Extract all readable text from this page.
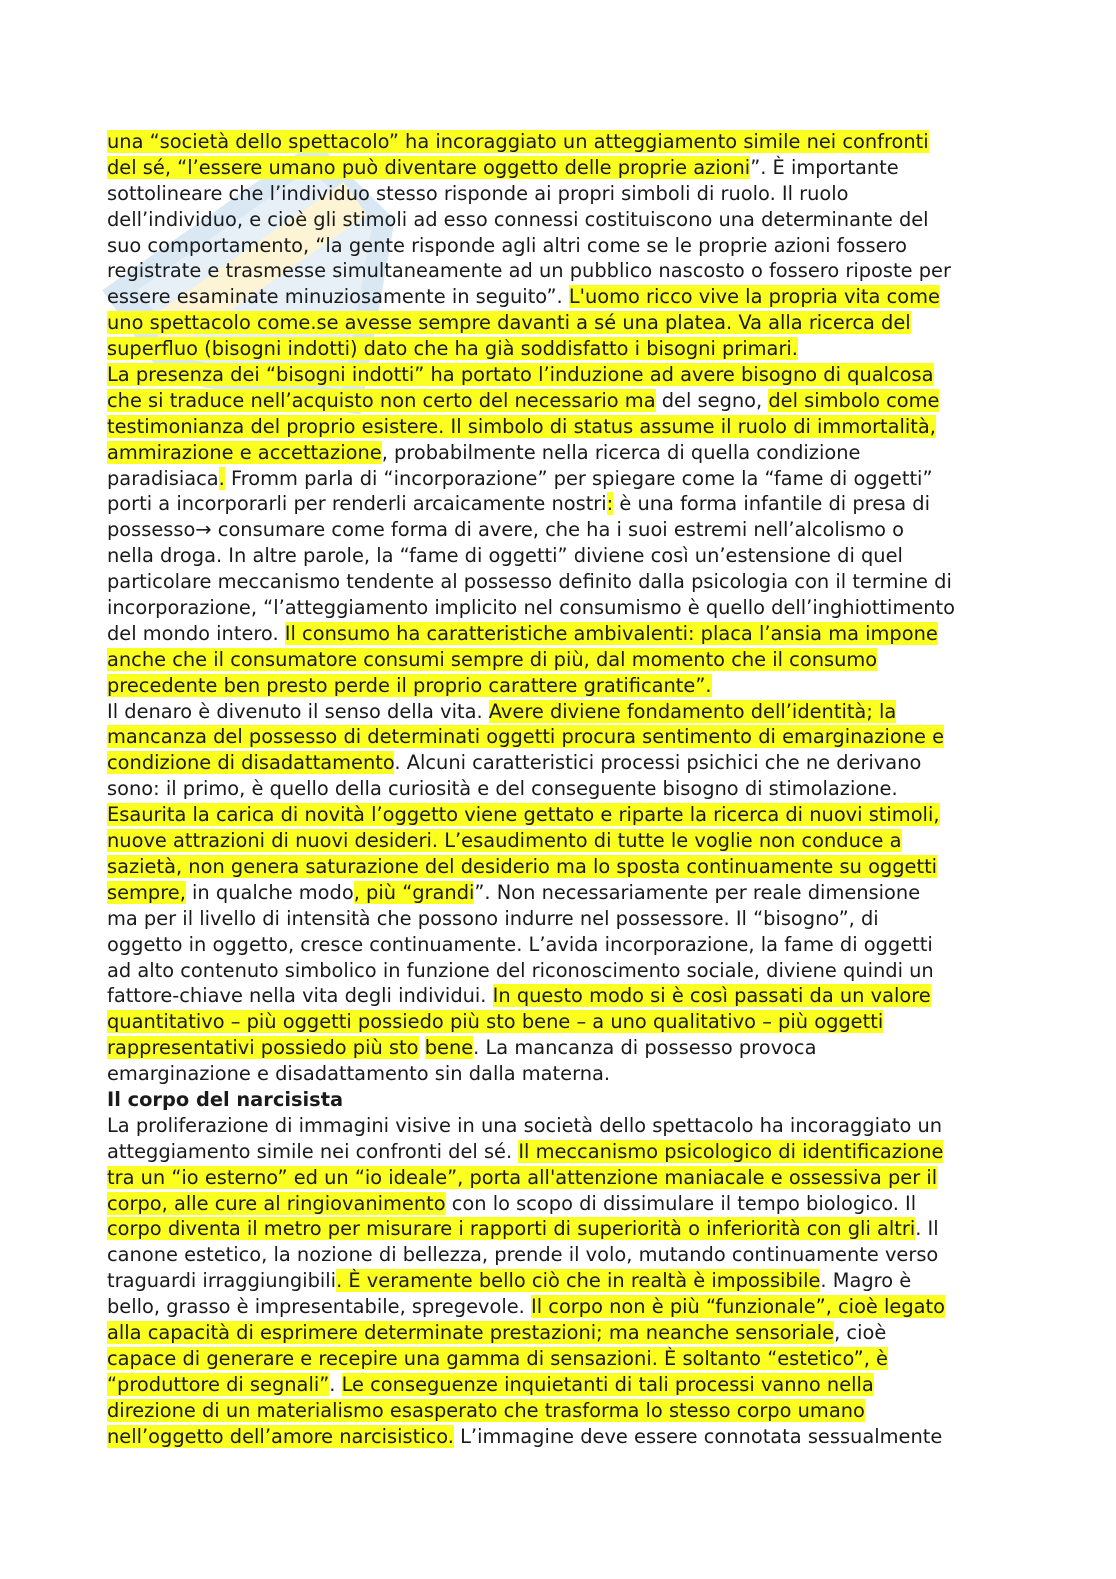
una “società dello spettacolo” ha incoraggiato un atteggiamento simile nei confronti
del sé, “l’essere umano può diventare oggetto delle proprie azioni”. È importante
sottolineare che l’individuo stesso risponde ai propri simboli di ruolo. Il ruolo
dell’individuo, e cioè gli stimoli ad esso connessi costituiscono una determinante del
suo comportamento, “la gente risponde agli altri come se le proprie azioni fossero
registrate e trasmesse simultaneamente ad un pubblico nascosto o fossero riposte per
essere esaminate minuziosamente in seguito”. L'uomo ricco vive la propria vita come
uno spettacolo come.se avesse sempre davanti a sé una platea. Va alla ricerca del
superfluo (bisogni indotti) dato che ha già soddisfatto i bisogni primari.
La presenza dei “bisogni indotti” ha portato l’induzione ad avere bisogno di qualcosa
che si traduce nell’acquisto non certo del necessario ma del segno, del simbolo come
testimonianza del proprio esistere. Il simbolo di status assume il ruolo di immortalità,
ammirazione e accettazione, probabilmente nella ricerca di quella condizione
paradisiaca. Fromm parla di “incorporazione” per spiegare come la “fame di oggetti”
porti a incorporarli per renderli arcaicamente nostri: è una forma infantile di presa di
possesso→ consumare come forma di avere, che ha i suoi estremi nell’alcolismo o
nella droga. In altre parole, la “fame di oggetti” diviene così un’estensione di quel
particolare meccanismo tendente al possesso definito dalla psicologia con il termine di
incorporazione, “l’atteggiamento implicito nel consumismo è quello dell’inghiottimento
del mondo intero. Il consumo ha caratteristiche ambivalenti: placa l’ansia ma impone
anche che il consumatore consumi sempre di più, dal momento che il consumo
precedente ben presto perde il proprio carattere gratificante”.
Il denaro è divenuto il senso della vita. Avere diviene fondamento dell’identità; la
mancanza del possesso di determinati oggetti procura sentimento di emarginazione e
condizione di disadattamento. Alcuni caratteristici processi psichici che ne derivano
sono: il primo, è quello della curiosità e del conseguente bisogno di stimolazione.
Esaurita la carica di novità l’oggetto viene gettato e riparte la ricerca di nuovi stimoli,
nuove attrazioni di nuovi desideri. L’esaudimento di tutte le voglie non conduce a
sazietà, non genera saturazione del desiderio ma lo sposta continuamente su oggetti
sempre, in qualche modo, più “grandi”. Non necessariamente per reale dimensione
ma per il livello di intensità che possono indurre nel possessore. Il “bisogno”, di
oggetto in oggetto, cresce continuamente. L’avida incorporazione, la fame di oggetti
ad alto contenuto simbolico in funzione del riconoscimento sociale, diviene quindi un
fattore-chiave nella vita degli individui. In questo modo si è così passati da un valore
quantitativo – più oggetti possiedo più sto bene – a uno qualitativo – più oggetti
rappresentativi possiedo più sto bene. La mancanza di possesso provoca
emarginazione e disadattamento sin dalla materna.
Il corpo del narcisista
La proliferazione di immagini visive in una società dello spettacolo ha incoraggiato un
atteggiamento simile nei confronti del sé. Il meccanismo psicologico di identificazione
tra un “io esterno” ed un “io ideale”, porta all'attenzione maniacale e ossessiva per il
corpo, alle cure al ringiovanimento con lo scopo di dissimulare il tempo biologico. Il
corpo diventa il metro per misurare i rapporti di superiorità o inferiorità con gli altri. Il
canone estetico, la nozione di bellezza, prende il volo, mutando continuamente verso
traguardi irraggiungibili. È veramente bello ciò che in realtà è impossibile. Magro è
bello, grasso è impresentabile, spregevole. Il corpo non è più “funzionale”, cioè legato
alla capacità di esprimere determinate prestazioni; ma neanche sensoriale, cioè
capace di generare e recepire una gamma di sensazioni. È soltanto “estetico”, è
“produttore di segnali”. Le conseguenze inquietanti di tali processi vanno nella
direzione di un materialismo esasperato che trasforma lo stesso corpo umano
nell’oggetto dell’amore narcisistico. L’immagine deve essere connotata sessualmente
